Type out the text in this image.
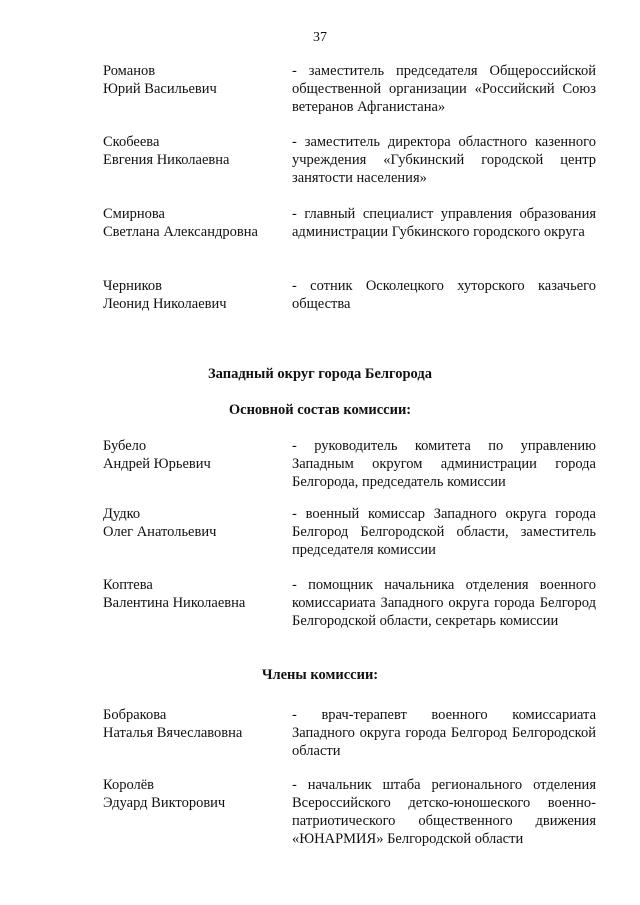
37
Романов
Юрий Васильевич
- заместитель председателя Общероссийской общественной организации «Российский Союз ветеранов Афганистана»
Скобеева
Евгения Николаевна
- заместитель директора областного казенного учреждения «Губкинский городской центр занятости населения»
Смирнова
Светлана Александровна
- главный специалист управления образования администрации Губкинского городского округа
Черников
Леонид Николаевич
- сотник Осколецкого хуторского казачьего общества
Западный округ города Белгорода
Основной состав комиссии:
Бубело
Андрей Юрьевич
- руководитель комитета по управлению Западным округом администрации города Белгорода, председатель комиссии
Дудко
Олег Анатольевич
- военный комиссар Западного округа города Белгород Белгородской области, заместитель председателя комиссии
Коптева
Валентина Николаевна
- помощник начальника отделения военного комиссариата Западного округа города Белгород Белгородской области, секретарь комиссии
Члены комиссии:
Бобракова
Наталья Вячеславовна
- врач-терапевт военного комиссариата Западного округа города Белгород Белгородской области
Королёв
Эдуард Викторович
- начальник штаба регионального отделения Всероссийского детско-юношеского военно-патриотического общественного движения «ЮНАРМИЯ» Белгородской области
